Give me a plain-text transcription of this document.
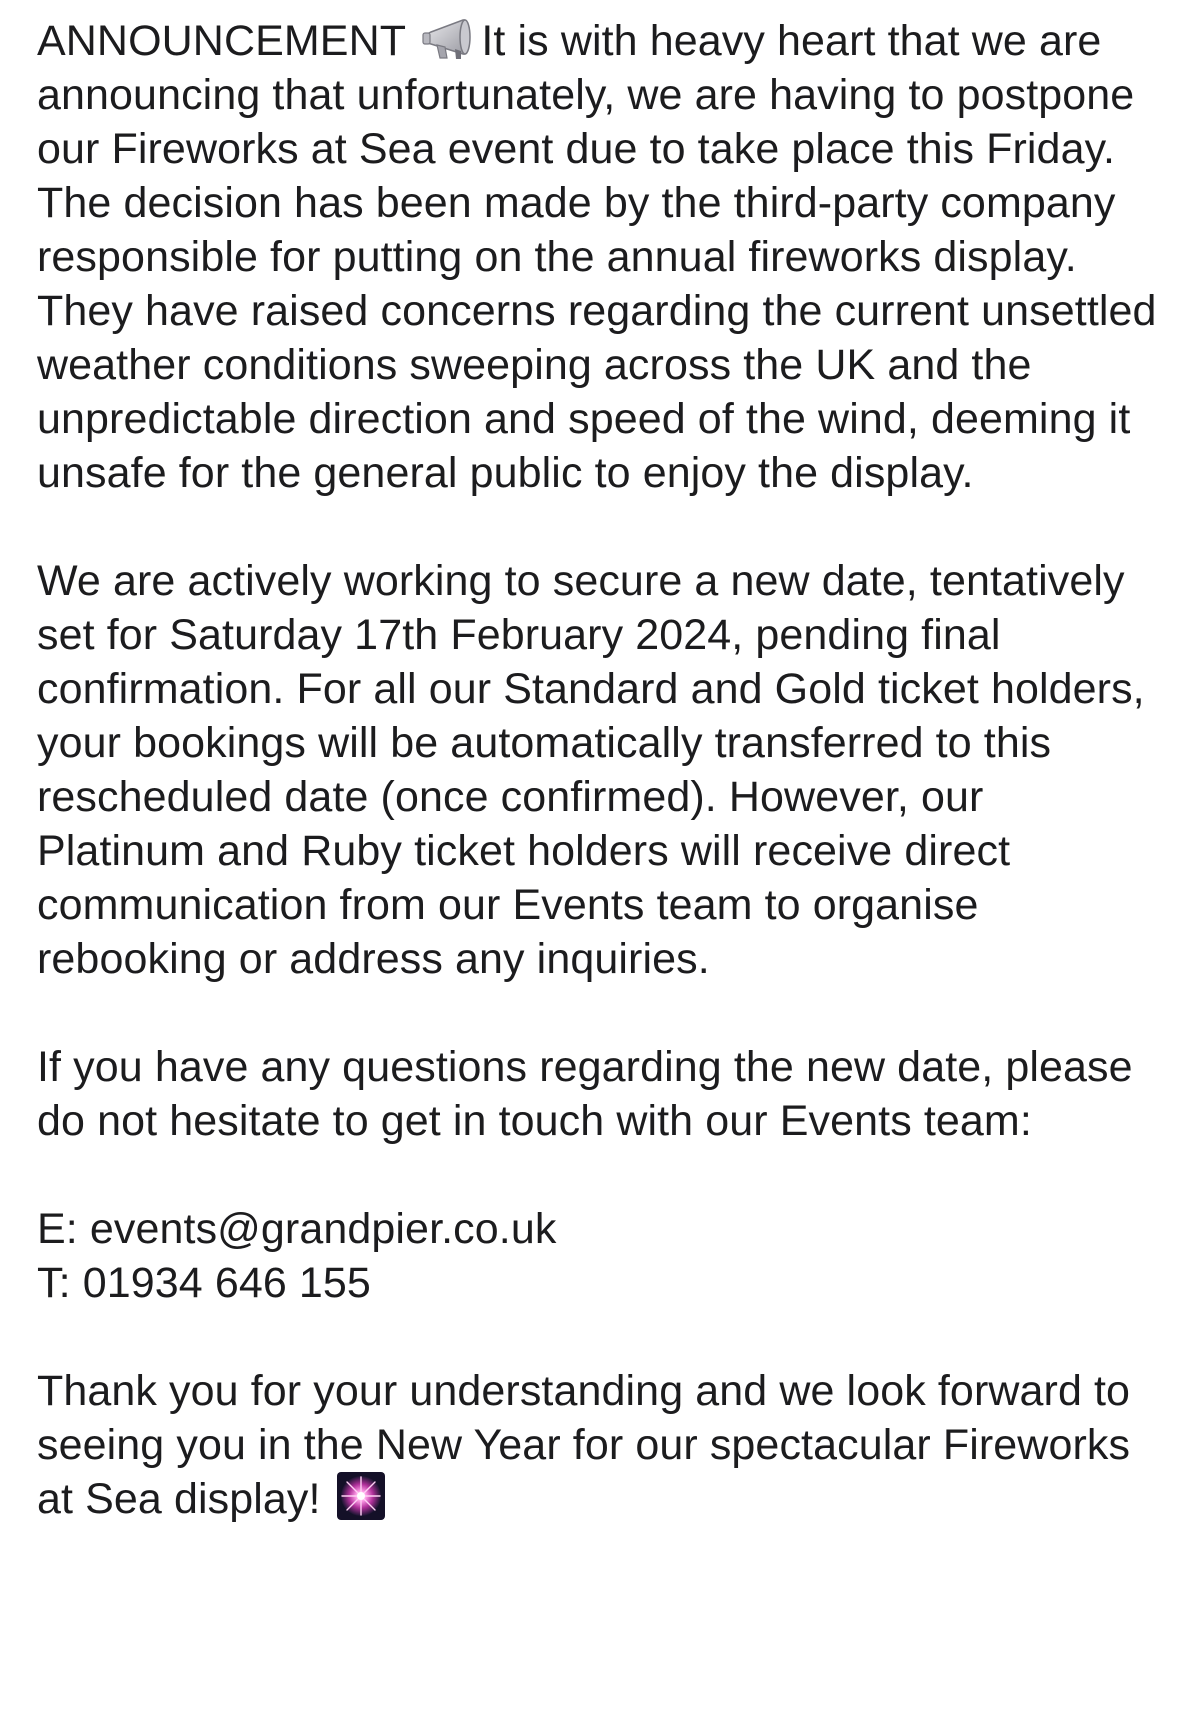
ANNOUNCEMENT It is with heavy heart that we are announcing that unfortunately, we are having to postpone our Fireworks at Sea event due to take place this Friday. The decision has been made by the third-party company responsible for putting on the annual fireworks display. They have raised concerns regarding the current unsettled weather conditions sweeping across the UK and the unpredictable direction and speed of the wind, deeming it unsafe for the general public to enjoy the display.

We are actively working to secure a new date, tentatively set for Saturday 17th February 2024, pending final confirmation. For all our Standard and Gold ticket holders, your bookings will be automatically transferred to this rescheduled date (once confirmed). However, our Platinum and Ruby ticket holders will receive direct communication from our Events team to organise rebooking or address any inquiries.

If you have any questions regarding the new date, please do not hesitate to get in touch with our Events team:

E: events@grandpier.co.uk
T: 01934 646 155

Thank you for your understanding and we look forward to seeing you in the New Year for our spectacular Fireworks at Sea display!
